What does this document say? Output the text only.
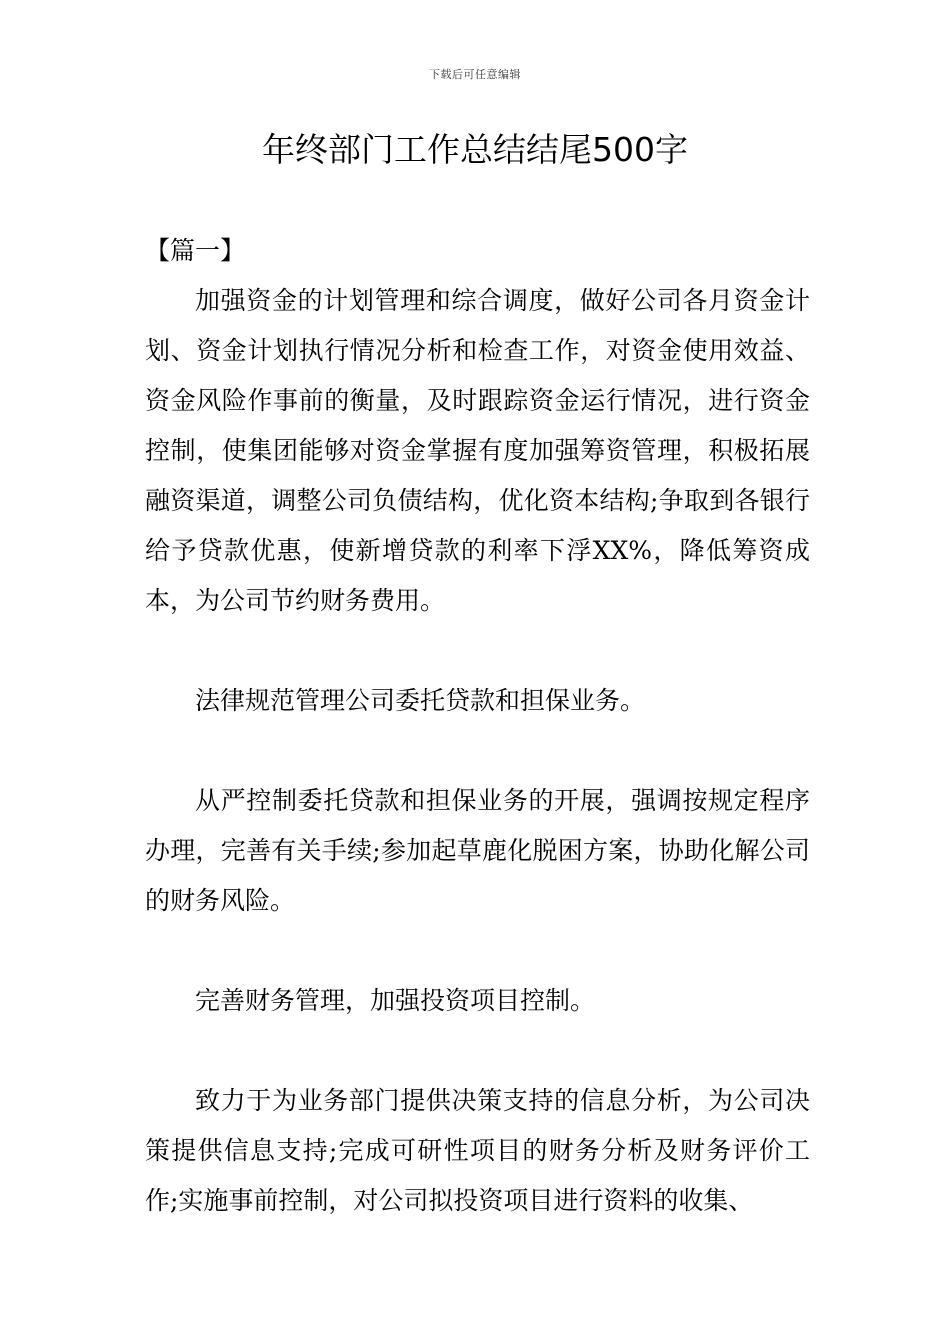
下载后可任意编辑
年终部门工作总结结尾500字

【篇一】

加强资金的计划管理和综合调度，做好公司各月资金计划、资金计划执行情况分析和检查工作，对资金使用效益、资金风险作事前的衡量，及时跟踪资金运行情况，进行资金控制，使集团能够对资金掌握有度加强筹资管理，积极拓展融资渠道，调整公司负债结构，优化资本结构;争取到各银行给予贷款优惠，使新增贷款的利率下浮XX%，降低筹资成本，为公司节约财务费用。

法律规范管理公司委托贷款和担保业务。

从严控制委托贷款和担保业务的开展，强调按规定程序办理，完善有关手续;参加起草鹿化脱困方案，协助化解公司的财务风险。

完善财务管理，加强投资项目控制。

致力于为业务部门提供决策支持的信息分析，为公司决策提供信息支持;完成可研性项目的财务分析及财务评价工作;实施事前控制，对公司拟投资项目进行资料的收集、
